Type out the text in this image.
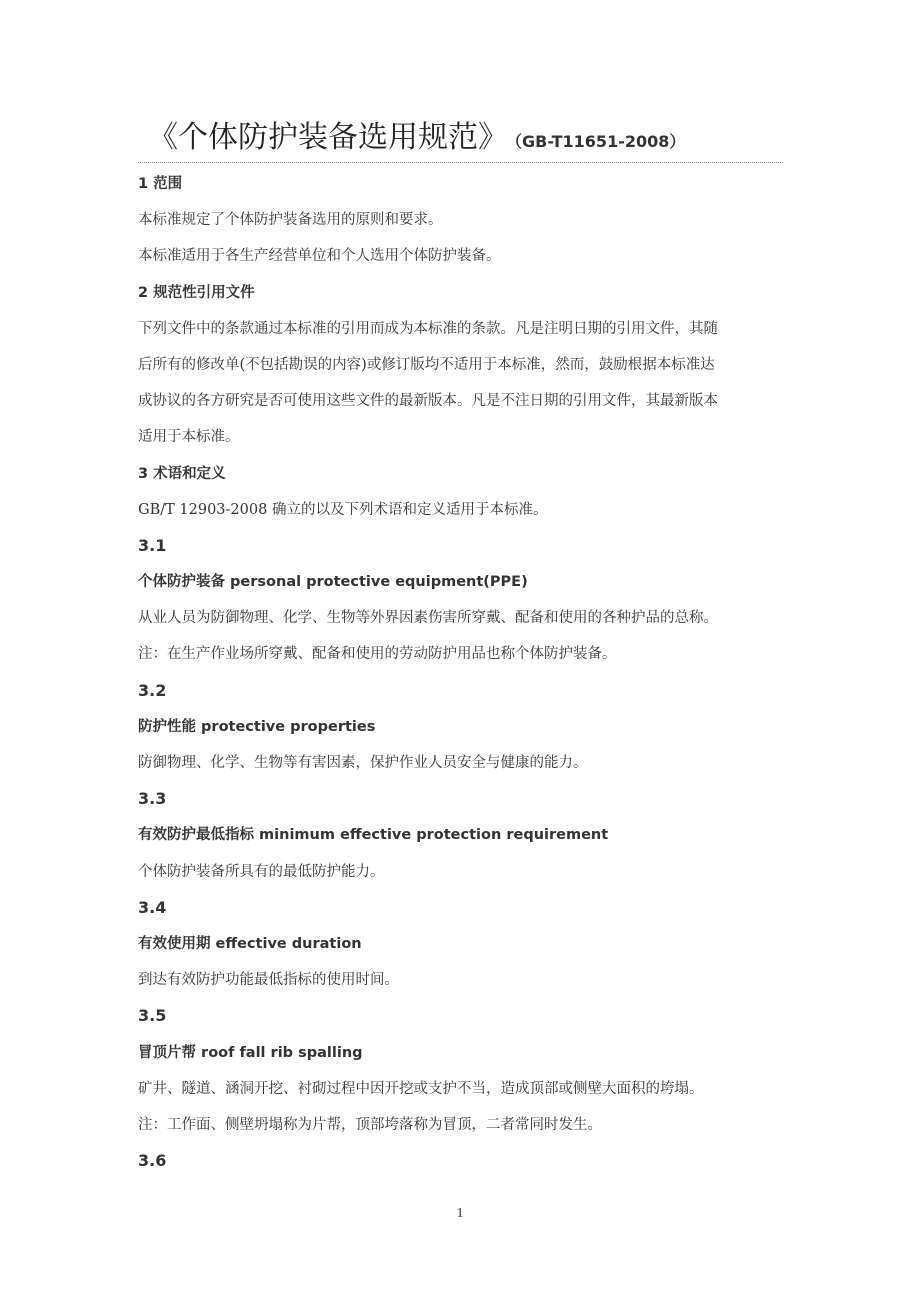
《个体防护装备选用规范》 （GB-T11651-2008）
1 范围
本标准规定了个体防护装备选用的原则和要求。
本标准适用于各生产经营单位和个人选用个体防护装备。
2 规范性引用文件
下列文件中的条款通过本标准的引用而成为本标准的条款。凡是注明日期的引用文件，其随
后所有的修改单(不包括勘误的内容)或修订版均不适用于本标准，然而，鼓励根据本标准达
成协议的各方研究是否可使用这些文件的最新版本。凡是不注日期的引用文件，其最新版本
适用于本标准。
3 术语和定义
GB/T 12903-2008 确立的以及下列术语和定义适用于本标准。
3.1
个体防护装备 personal protective equipment(PPE)
从业人员为防御物理、化学、生物等外界因素伤害所穿戴、配备和使用的各种护品的总称。
注：在生产作业场所穿戴、配备和使用的劳动防护用品也称个体防护装备。
3.2
防护性能 protective properties
防御物理、化学、生物等有害因素，保护作业人员安全与健康的能力。
3.3
有效防护最低指标 minimum effective protection requirement
个体防护装备所具有的最低防护能力。
3.4
有效使用期 effective duration
到达有效防护功能最低指标的使用时间。
3.5
冒顶片帮 roof fall rib spalling
矿井、隧道、涵洞开挖、衬砌过程中因开挖或支护不当，造成顶部或侧壁大面积的垮塌。
注：工作面、侧壁坍塌称为片帮，顶部垮落称为冒顶，二者常同时发生。
3.6
1
